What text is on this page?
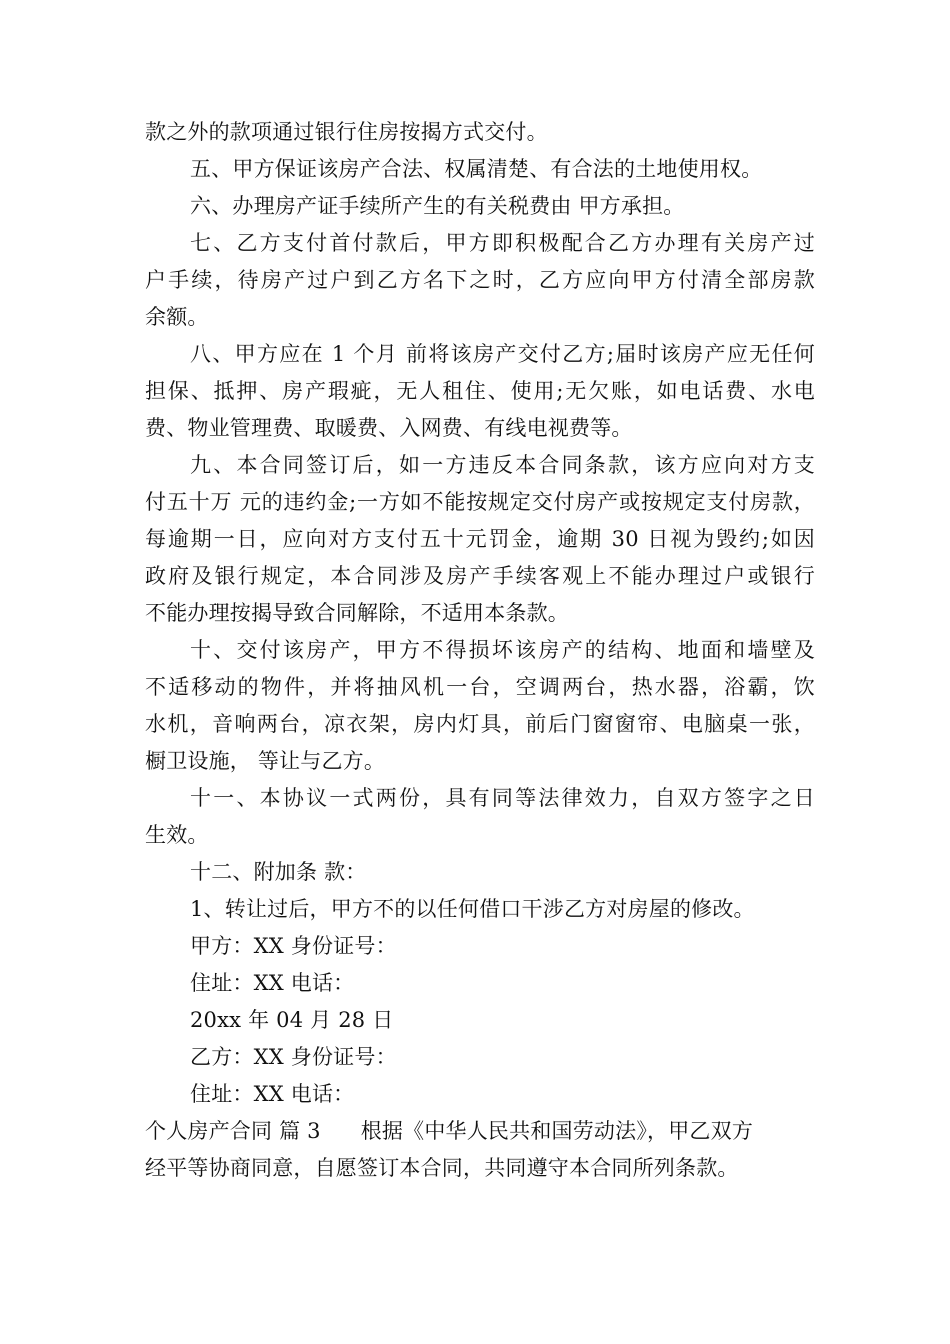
款之外的款项通过银行住房按揭方式交付。
五、甲方保证该房产合法、权属清楚、有合法的土地使用权。
六、办理房产证手续所产生的有关税费由 甲方承担。
七、乙方支付首付款后，甲方即积极配合乙方办理有关房产过
户手续，待房产过户到乙方名下之时，乙方应向甲方付清全部房款
余额。
八、甲方应在 1 个月 前将该房产交付乙方;届时该房产应无任何
担保、抵押、房产瑕疵，无人租住、使用;无欠账，如电话费、水电
费、物业管理费、取暖费、入网费、有线电视费等。
九、本合同签订后，如一方违反本合同条款，该方应向对方支
付五十万 元的违约金;一方如不能按规定交付房产或按规定支付房款，
每逾期一日，应向对方支付五十元罚金，逾期 30 日视为毁约;如因
政府及银行规定，本合同涉及房产手续客观上不能办理过户或银行
不能办理按揭导致合同解除，不适用本条款。
十、交付该房产，甲方不得损坏该房产的结构、地面和墙壁及
不适移动的物件，并将抽风机一台，空调两台，热水器，浴霸，饮
水机，音响两台，凉衣架，房内灯具，前后门窗窗帘、电脑桌一张，
橱卫设施， 等让与乙方。
十一、本协议一式两份，具有同等法律效力，自双方签字之日
生效。
十二、附加条 款：
1、转让过后，甲方不的以任何借口干涉乙方对房屋的修改。
甲方：XX 身份证号：
住址：XX 电话：
20xx 年 04 月 28 日
乙方：XX 身份证号：
住址：XX 电话：
个人房产合同 篇 3 根据《中华人民共和国劳动法》，甲乙双方
经平等协商同意，自愿签订本合同，共同遵守本合同所列条款。
